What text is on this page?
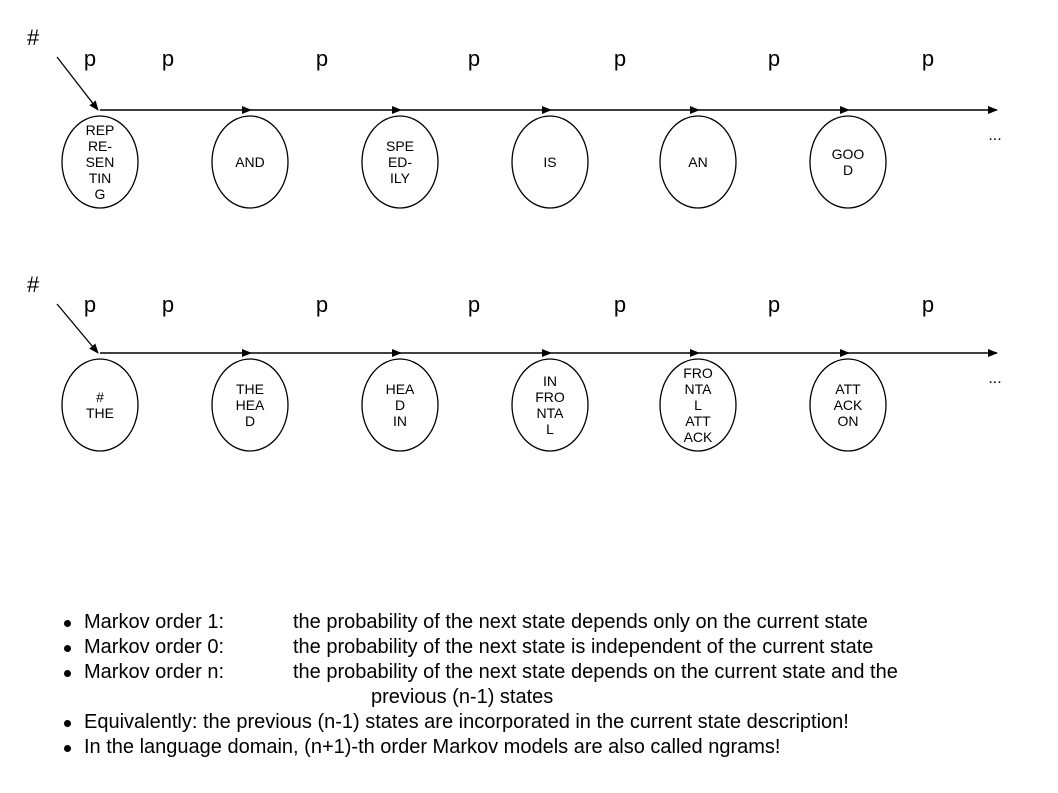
#
p	p	p	p	p	p	p
REP
RE-
SEN
TIN
G
AND
SPE
ED-
ILY
IS	AN	GOO
D
...
#
p	p	p	p	p	p	p
#
THE
THE
HEA
D
HEA
D
IN
IN
FRO
NTA
L
FRO
NTA
L
ATT
ACK
ATT
ACK
ON
...
Markov order 1:	the probability of the next state depends only on the current state
Markov order 0:	the probability of the next state is independent of the current state
Markov order n:	the probability of the next state depends on the current state and the
previous (n-1) states
Equivalently: the previous (n-1) states are incorporated in the current state description!
In the language domain, (n+1)-th order Markov models are also called ngrams!
